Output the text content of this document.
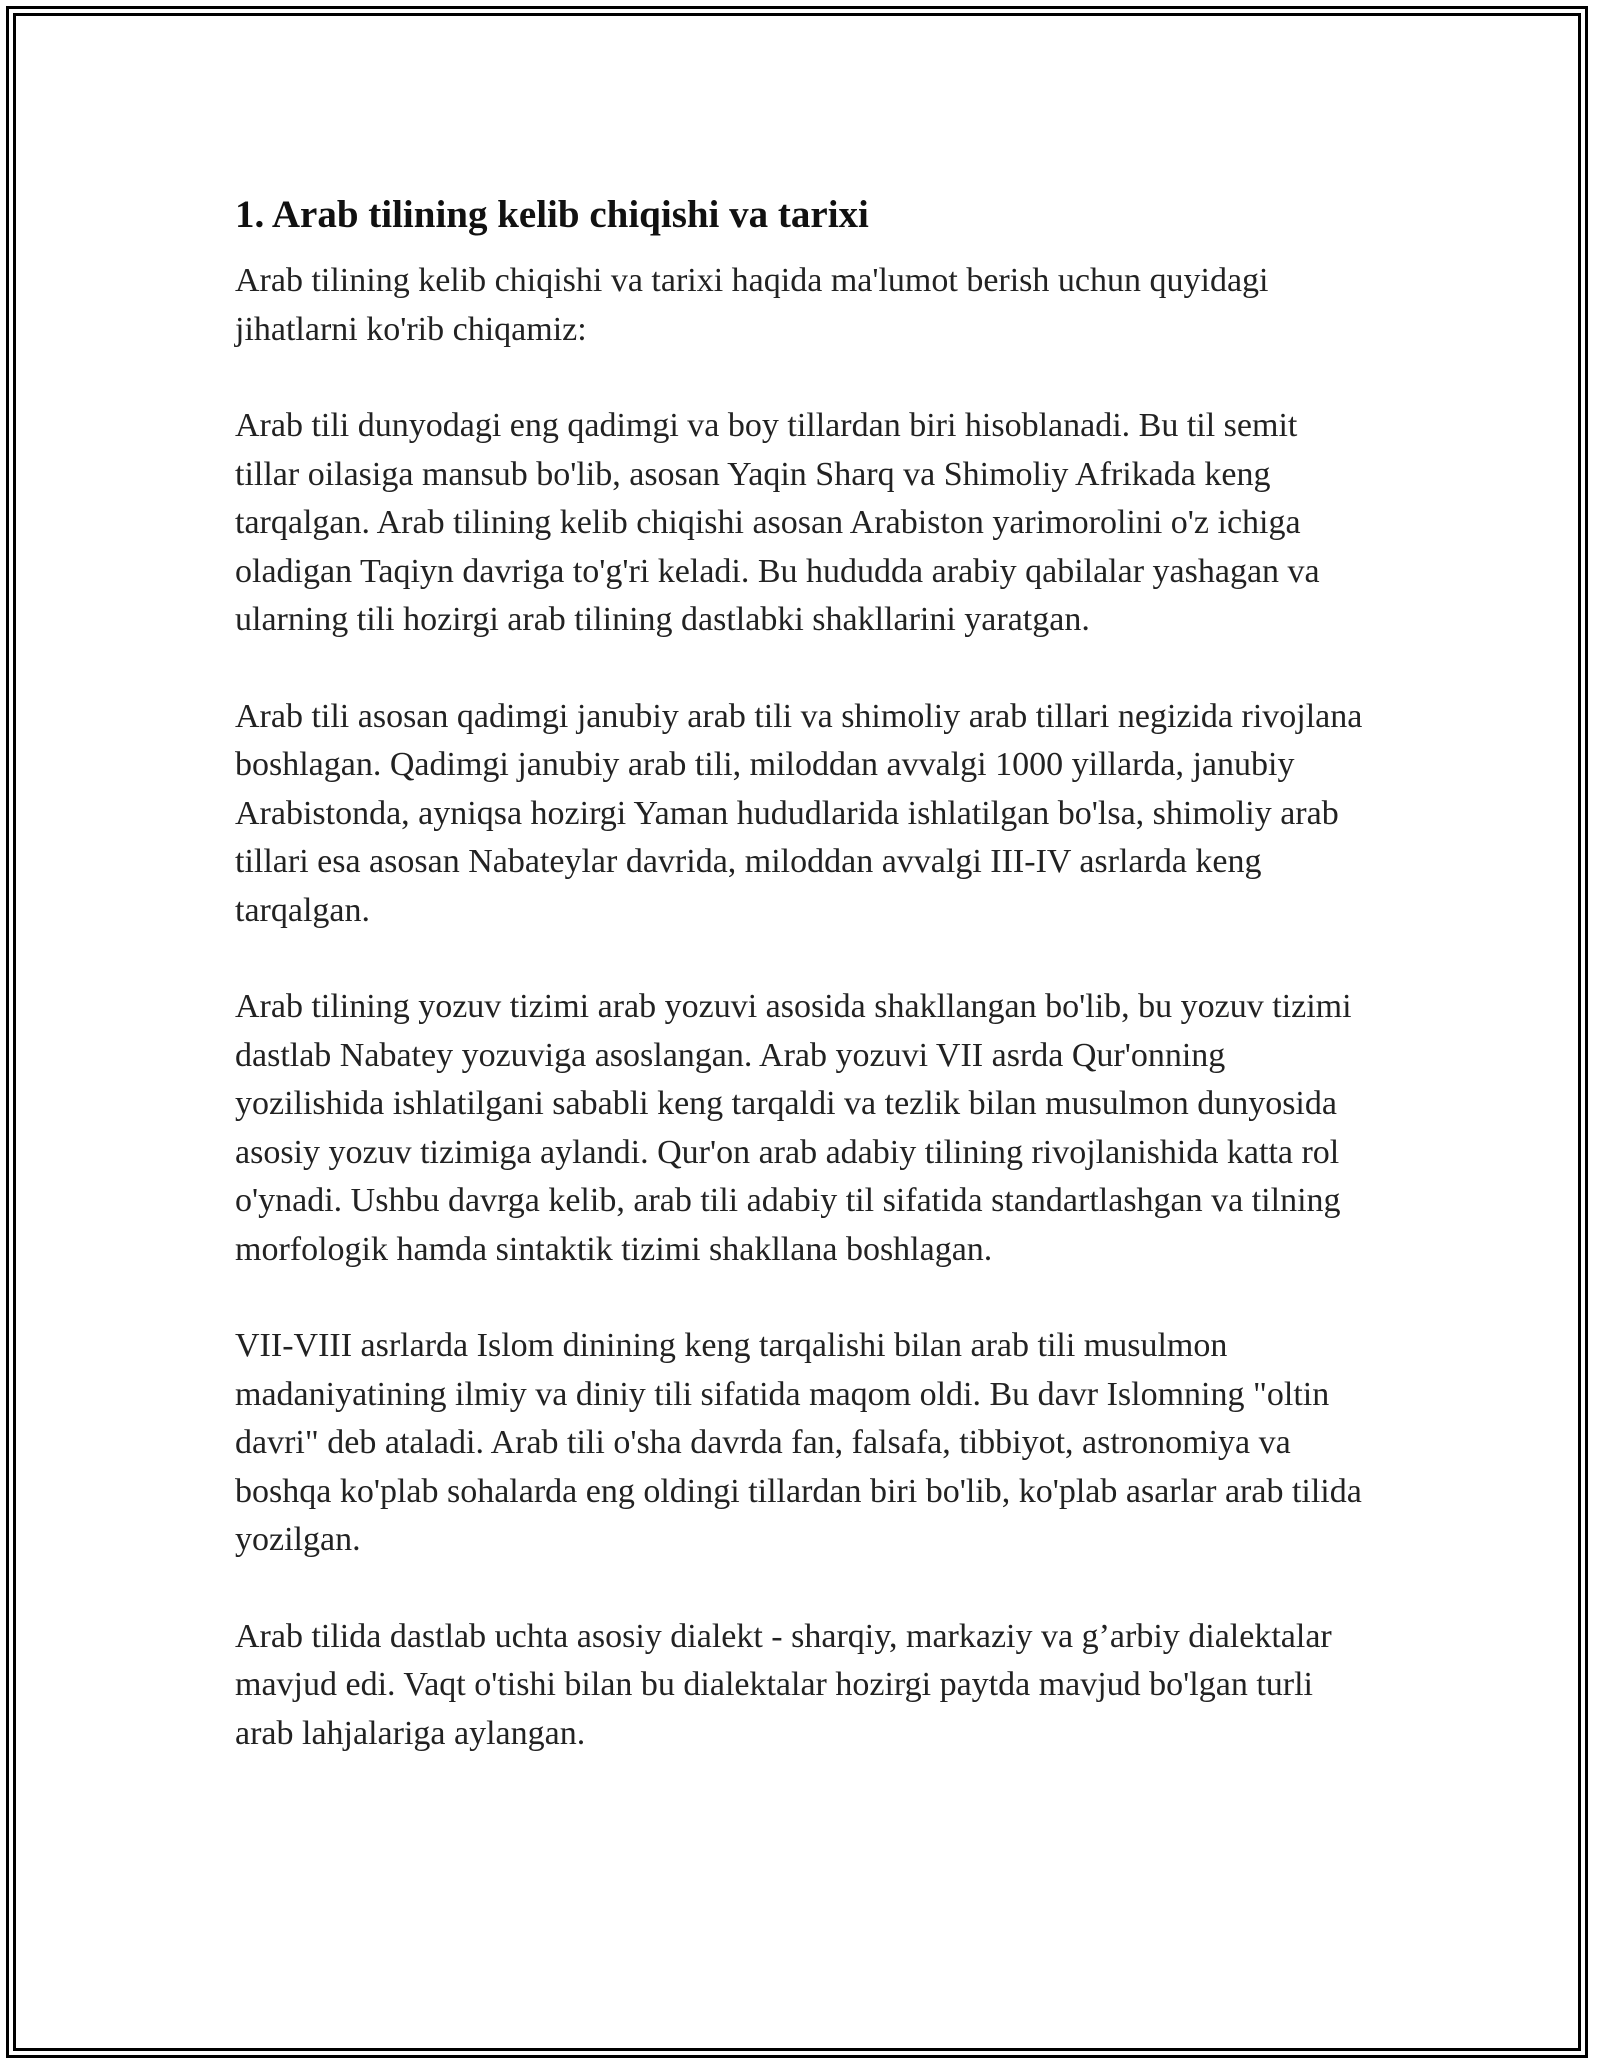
1. Arab tilining kelib chiqishi va tarixi

Arab tilining kelib chiqishi va tarixi haqida ma'lumot berish uchun quyidagi jihatlarni ko'rib chiqamiz:

Arab tili dunyodagi eng qadimgi va boy tillardan biri hisoblanadi. Bu til semit tillar oilasiga mansub bo'lib, asosan Yaqin Sharq va Shimoliy Afrikada keng tarqalgan. Arab tilining kelib chiqishi asosan Arabiston yarimorolini o'z ichiga oladigan Taqiyn davriga to'g'ri keladi. Bu hududda arabiy qabilalar yashagan va ularning tili hozirgi arab tilining dastlabki shakllarini yaratgan.

Arab tili asosan qadimgi janubiy arab tili va shimoliy arab tillari negizida rivojlana boshlagan. Qadimgi janubiy arab tili, miloddan avvalgi 1000 yillarda, janubiy Arabistonda, ayniqsa hozirgi Yaman hududlarida ishlatilgan bo'lsa, shimoliy arab tillari esa asosan Nabateylar davrida, miloddan avvalgi III-IV asrlarda keng tarqalgan.

Arab tilining yozuv tizimi arab yozuvi asosida shakllangan bo'lib, bu yozuv tizimi dastlab Nabatey yozuviga asoslangan. Arab yozuvi VII asrda Qur'onning yozilishida ishlatilgani sababli keng tarqaldi va tezlik bilan musulmon dunyosida asosiy yozuv tizimiga aylandi. Qur'on arab adabiy tilining rivojlanishida katta rol o'ynadi. Ushbu davrga kelib, arab tili adabiy til sifatida standartlashgan va tilning morfologik hamda sintaktik tizimi shakllana boshlagan.

VII-VIII asrlarda Islom dinining keng tarqalishi bilan arab tili musulmon madaniyatining ilmiy va diniy tili sifatida maqom oldi. Bu davr Islomning "oltin davri" deb ataladi. Arab tili o'sha davrda fan, falsafa, tibbiyot, astronomiya va boshqa ko'plab sohalarda eng oldingi tillardan biri bo'lib, ko'plab asarlar arab tilida yozilgan.

Arab tilida dastlab uchta asosiy dialekt - sharqiy, markaziy va g’arbiy dialektalar mavjud edi. Vaqt o'tishi bilan bu dialektalar hozirgi paytda mavjud bo'lgan turli arab lahjalariga aylangan.
